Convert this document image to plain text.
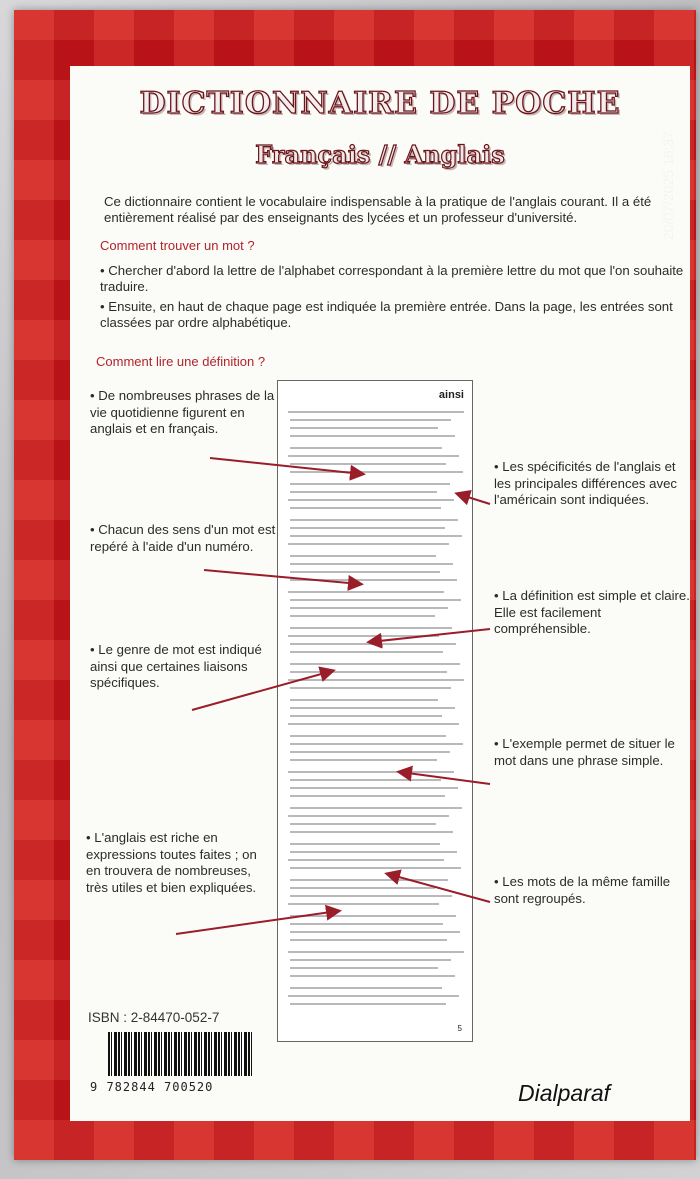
DICTIONNAIRE DE POCHE
Français // Anglais
Ce dictionnaire contient le vocabulaire indispensable à la pratique de l'anglais courant. Il a été entièrement réalisé par des enseignants des lycées et un professeur d'université.
Comment trouver un mot ?
• Chercher d'abord la lettre de l'alphabet correspondant à la première lettre du mot que l'on souhaite traduire.
• Ensuite, en haut de chaque page est indiquée la première entrée. Dans la page, les entrées sont classées par ordre alphabétique.
Comment lire une définition ?
• De nombreuses phrases de la vie quotidienne figurent en anglais et en français.
• Chacun des sens d'un mot est repéré à l'aide d'un numéro.
• Le genre de mot est indiqué ainsi que certaines liaisons spécifiques.
• L'anglais est riche en expressions toutes faites ; on en trouvera de nombreuses, très utiles et bien expliquées.
• Les spécificités de l'anglais et les principales différences avec l'américain sont indiquées.
• La définition est simple et claire. Elle est facilement compréhensible.
• L'exemple permet de situer le mot dans une phrase simple.
• Les mots de la même famille sont regroupés.
ainsi
5
ISBN : 2-84470-052-7
9 782844 700520	Dialparaf
20/07/2025 16:37
